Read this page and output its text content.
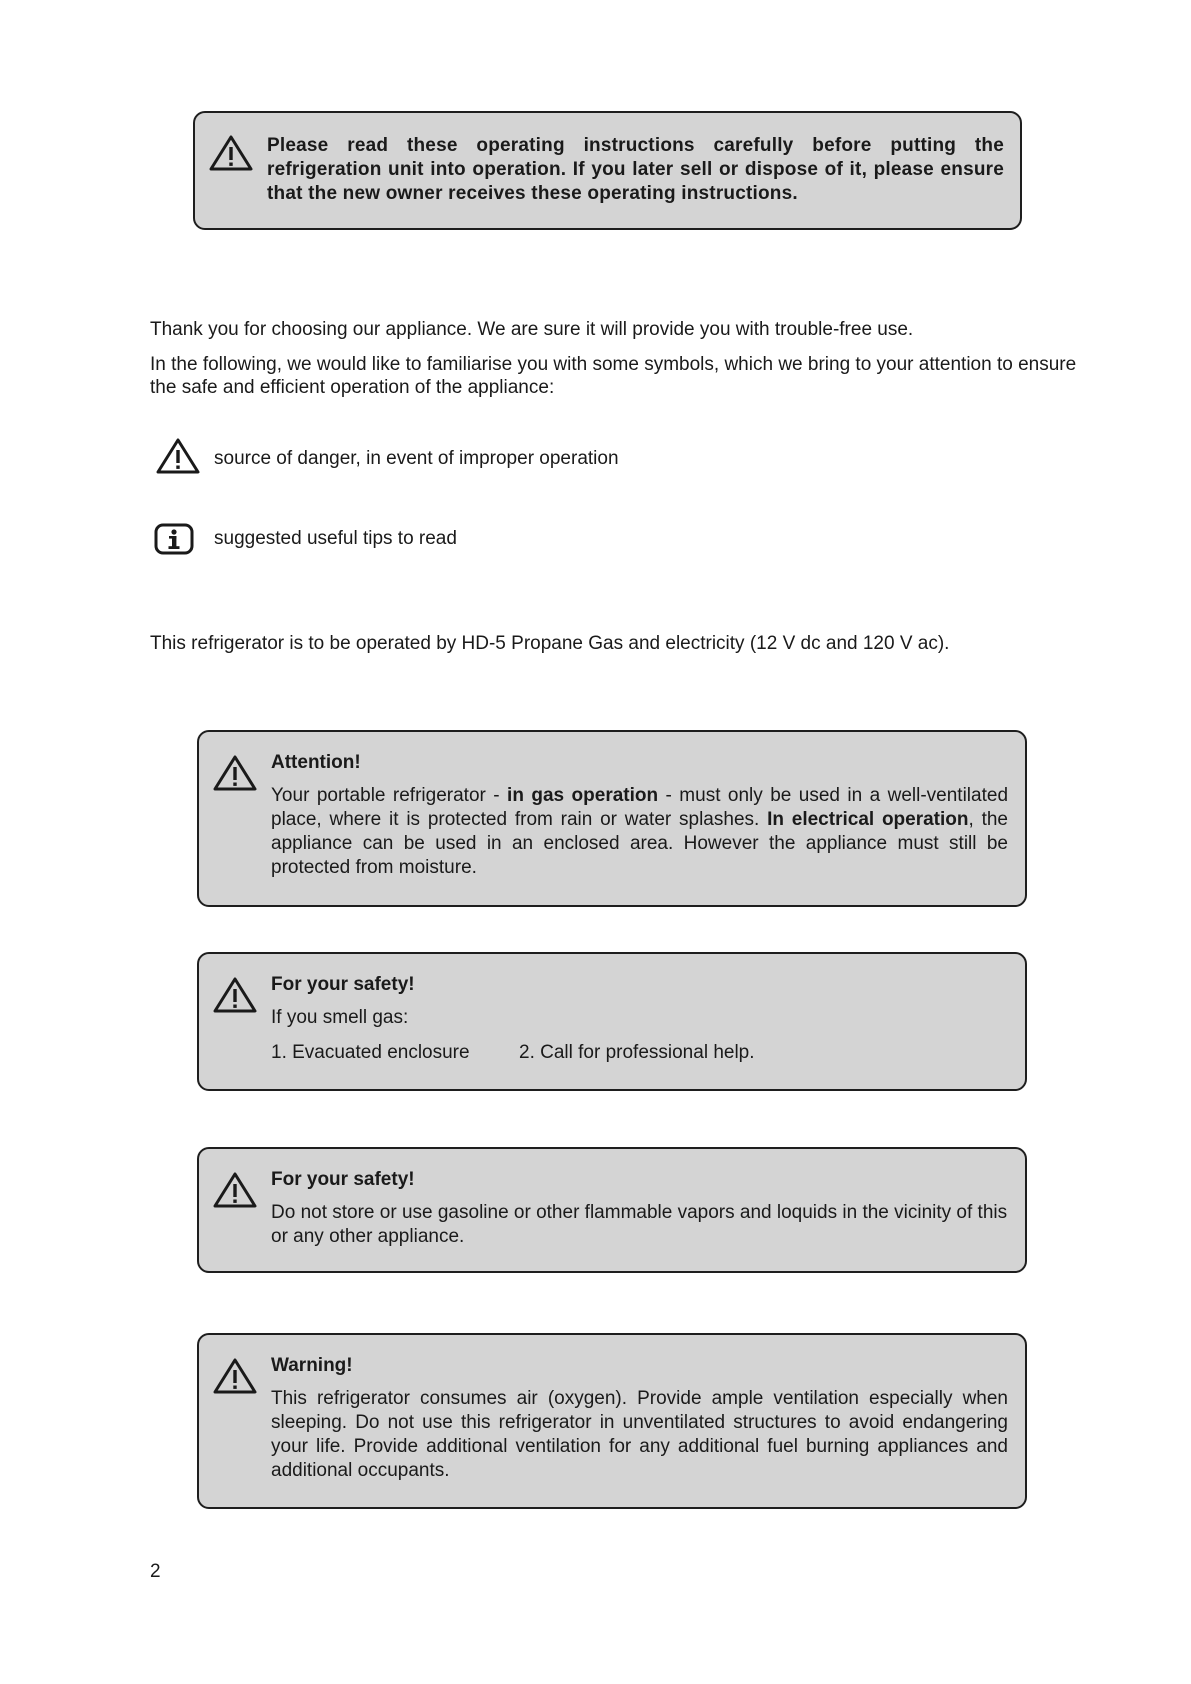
Please read these operating instructions carefully before putting the refrigeration unit into operation. If you later sell or dispose of it, please ensure that the new owner receives these operating instructions.

Thank you for choosing our appliance. We are sure it will provide you with trouble-free use.

In the following, we would like to familiarise you with some symbols, which we bring to your attention to ensure the safe and efficient operation of the appliance:

source of danger, in event of improper operation
suggested useful tips to read

This refrigerator is to be operated by HD-5 Propane Gas and electricity (12 V dc and 120 V ac).

Attention!

Your portable refrigerator - in gas operation - must only be used in a well-ventilated place, where it is protected from rain or water splashes. In electrical operation, the appliance can be used in an enclosed area. However the appliance must still be protected from moisture.

For your safety!

If you smell gas:

1. Evacuated enclosure	2. Call for professional help.

For your safety!

Do not store or use gasoline or other flammable vapors and loquids in the vicinity of this or any other appliance.

Warning!

This refrigerator consumes air (oxygen). Provide ample ventilation especially when sleeping. Do not use this refrigerator in unventilated structures to avoid endangering your life. Provide additional ventilation for any additional fuel burning appliances and additional occupants.

2
